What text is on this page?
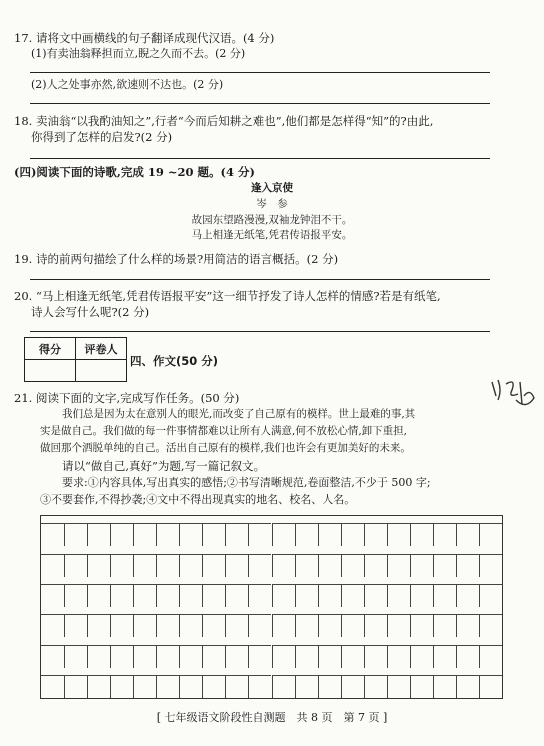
17. 请将文中画横线的句子翻译成现代汉语。(4 分)
(1)有卖油翁释担而立,睨之久而不去。(2 分)
(2)人之处事亦然,欲速则不达也。(2 分)
18. 卖油翁“以我酌油知之”,行者“今而后知耕之难也”,他们都是怎样得“知”的?由此,
你得到了怎样的启发?(2 分)
(四)阅读下面的诗歌,完成 19 ~20 题。(4 分)
逢入京使
岑　参
故园东望路漫漫,双袖龙钟泪不干。
马上相逢无纸笔,凭君传语报平安。
19. 诗的前两句描绘了什么样的场景?用简洁的语言概括。(2 分)
20. “马上相逢无纸笔,凭君传语报平安”这一细节抒发了诗人怎样的情感?若是有纸笔,
诗人会写什么呢?(2 分)
得分	评卷人

四、作文(50 分)
21. 阅读下面的文字,完成写作任务。(50 分)
我们总是因为太在意别人的眼光,而改变了自己原有的模样。世上最难的事,其
实是做自己。我们做的每一件事情都难以让所有人满意,何不放松心情,卸下重担,
做回那个洒脱单纯的自己。活出自己原有的模样,我们也许会有更加美好的未来。
请以“做自己,真好”为题,写一篇记叙文。
要求:①内容具体,写出真实的感悟;②书写清晰规范,卷面整洁,不少于 500 字;
③不要套作,不得抄袭;④文中不得出现真实的地名、校名、人名。
[ 七年级语文阶段性自测题　共 8 页　第 7 页 ]
